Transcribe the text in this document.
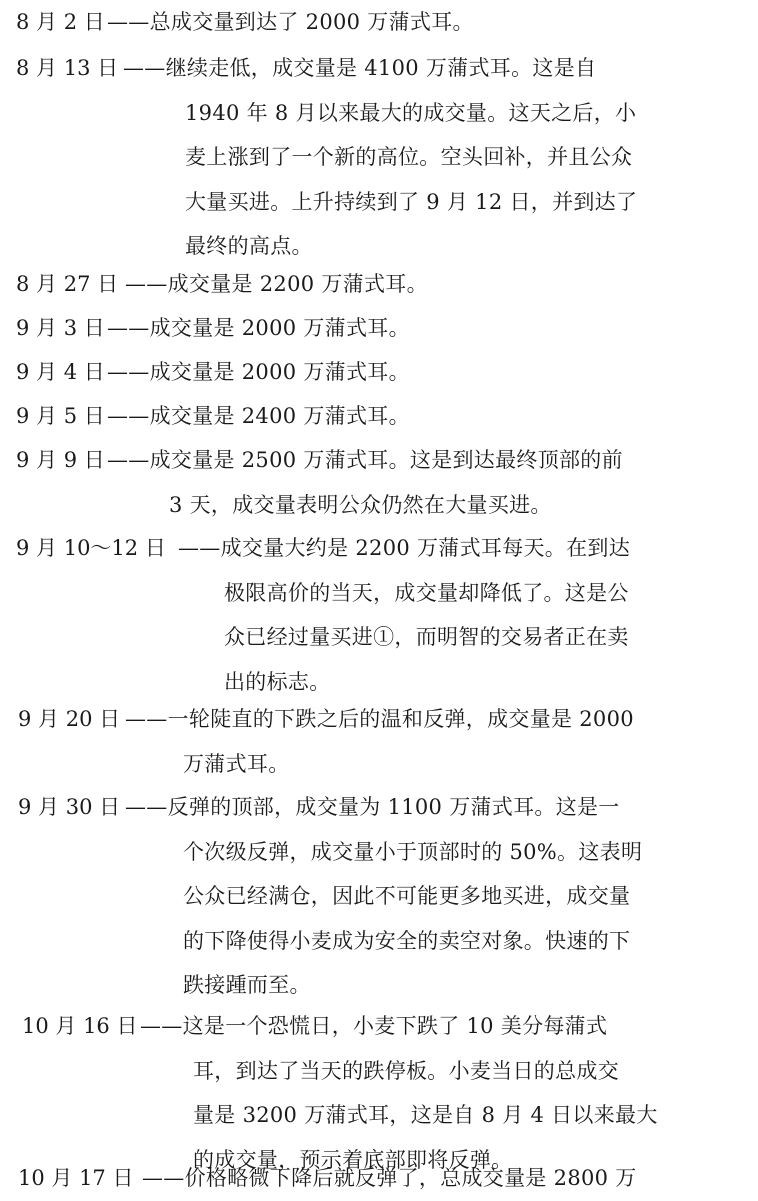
8 月 2 日 ——总成交量到达了 2000 万蒲式耳。
8 月 13 日 ——继续走低，成交量是 4100 万蒲式耳。这是自
1940 年 8 月以来最大的成交量。这天之后，小
麦上涨到了一个新的高位。空头回补，并且公众
大量买进。上升持续到了 9 月 12 日，并到达了
最终的高点。
8 月 27 日 ——成交量是 2200 万蒲式耳。
9 月 3 日 ——成交量是 2000 万蒲式耳。
9 月 4 日 ——成交量是 2000 万蒲式耳。
9 月 5 日 ——成交量是 2400 万蒲式耳。
9 月 9 日 ——成交量是 2500 万蒲式耳。这是到达最终顶部的前
3 天，成交量表明公众仍然在大量买进。
9 月 10～12 日 ——成交量大约是 2200 万蒲式耳每天。在到达
极限高价的当天，成交量却降低了。这是公
众已经过量买进①，而明智的交易者正在卖
出的标志。
9 月 20 日 ——一轮陡直的下跌之后的温和反弹，成交量是 2000
万蒲式耳。
9 月 30 日 ——反弹的顶部，成交量为 1100 万蒲式耳。这是一
个次级反弹，成交量小于顶部时的 50%。这表明
公众已经满仓，因此不可能更多地买进，成交量
的下降使得小麦成为安全的卖空对象。快速的下
跌接踵而至。
10 月 16 日 ——这是一个恐慌日，小麦下跌了 10 美分每蒲式
耳，到达了当天的跌停板。小麦当日的总成交
量是 3200 万蒲式耳，这是自 8 月 4 日以来最大
的成交量，预示着底部即将反弹。
10 月 17 日 ——价格略微下降后就反弹了，总成交量是 2800 万
